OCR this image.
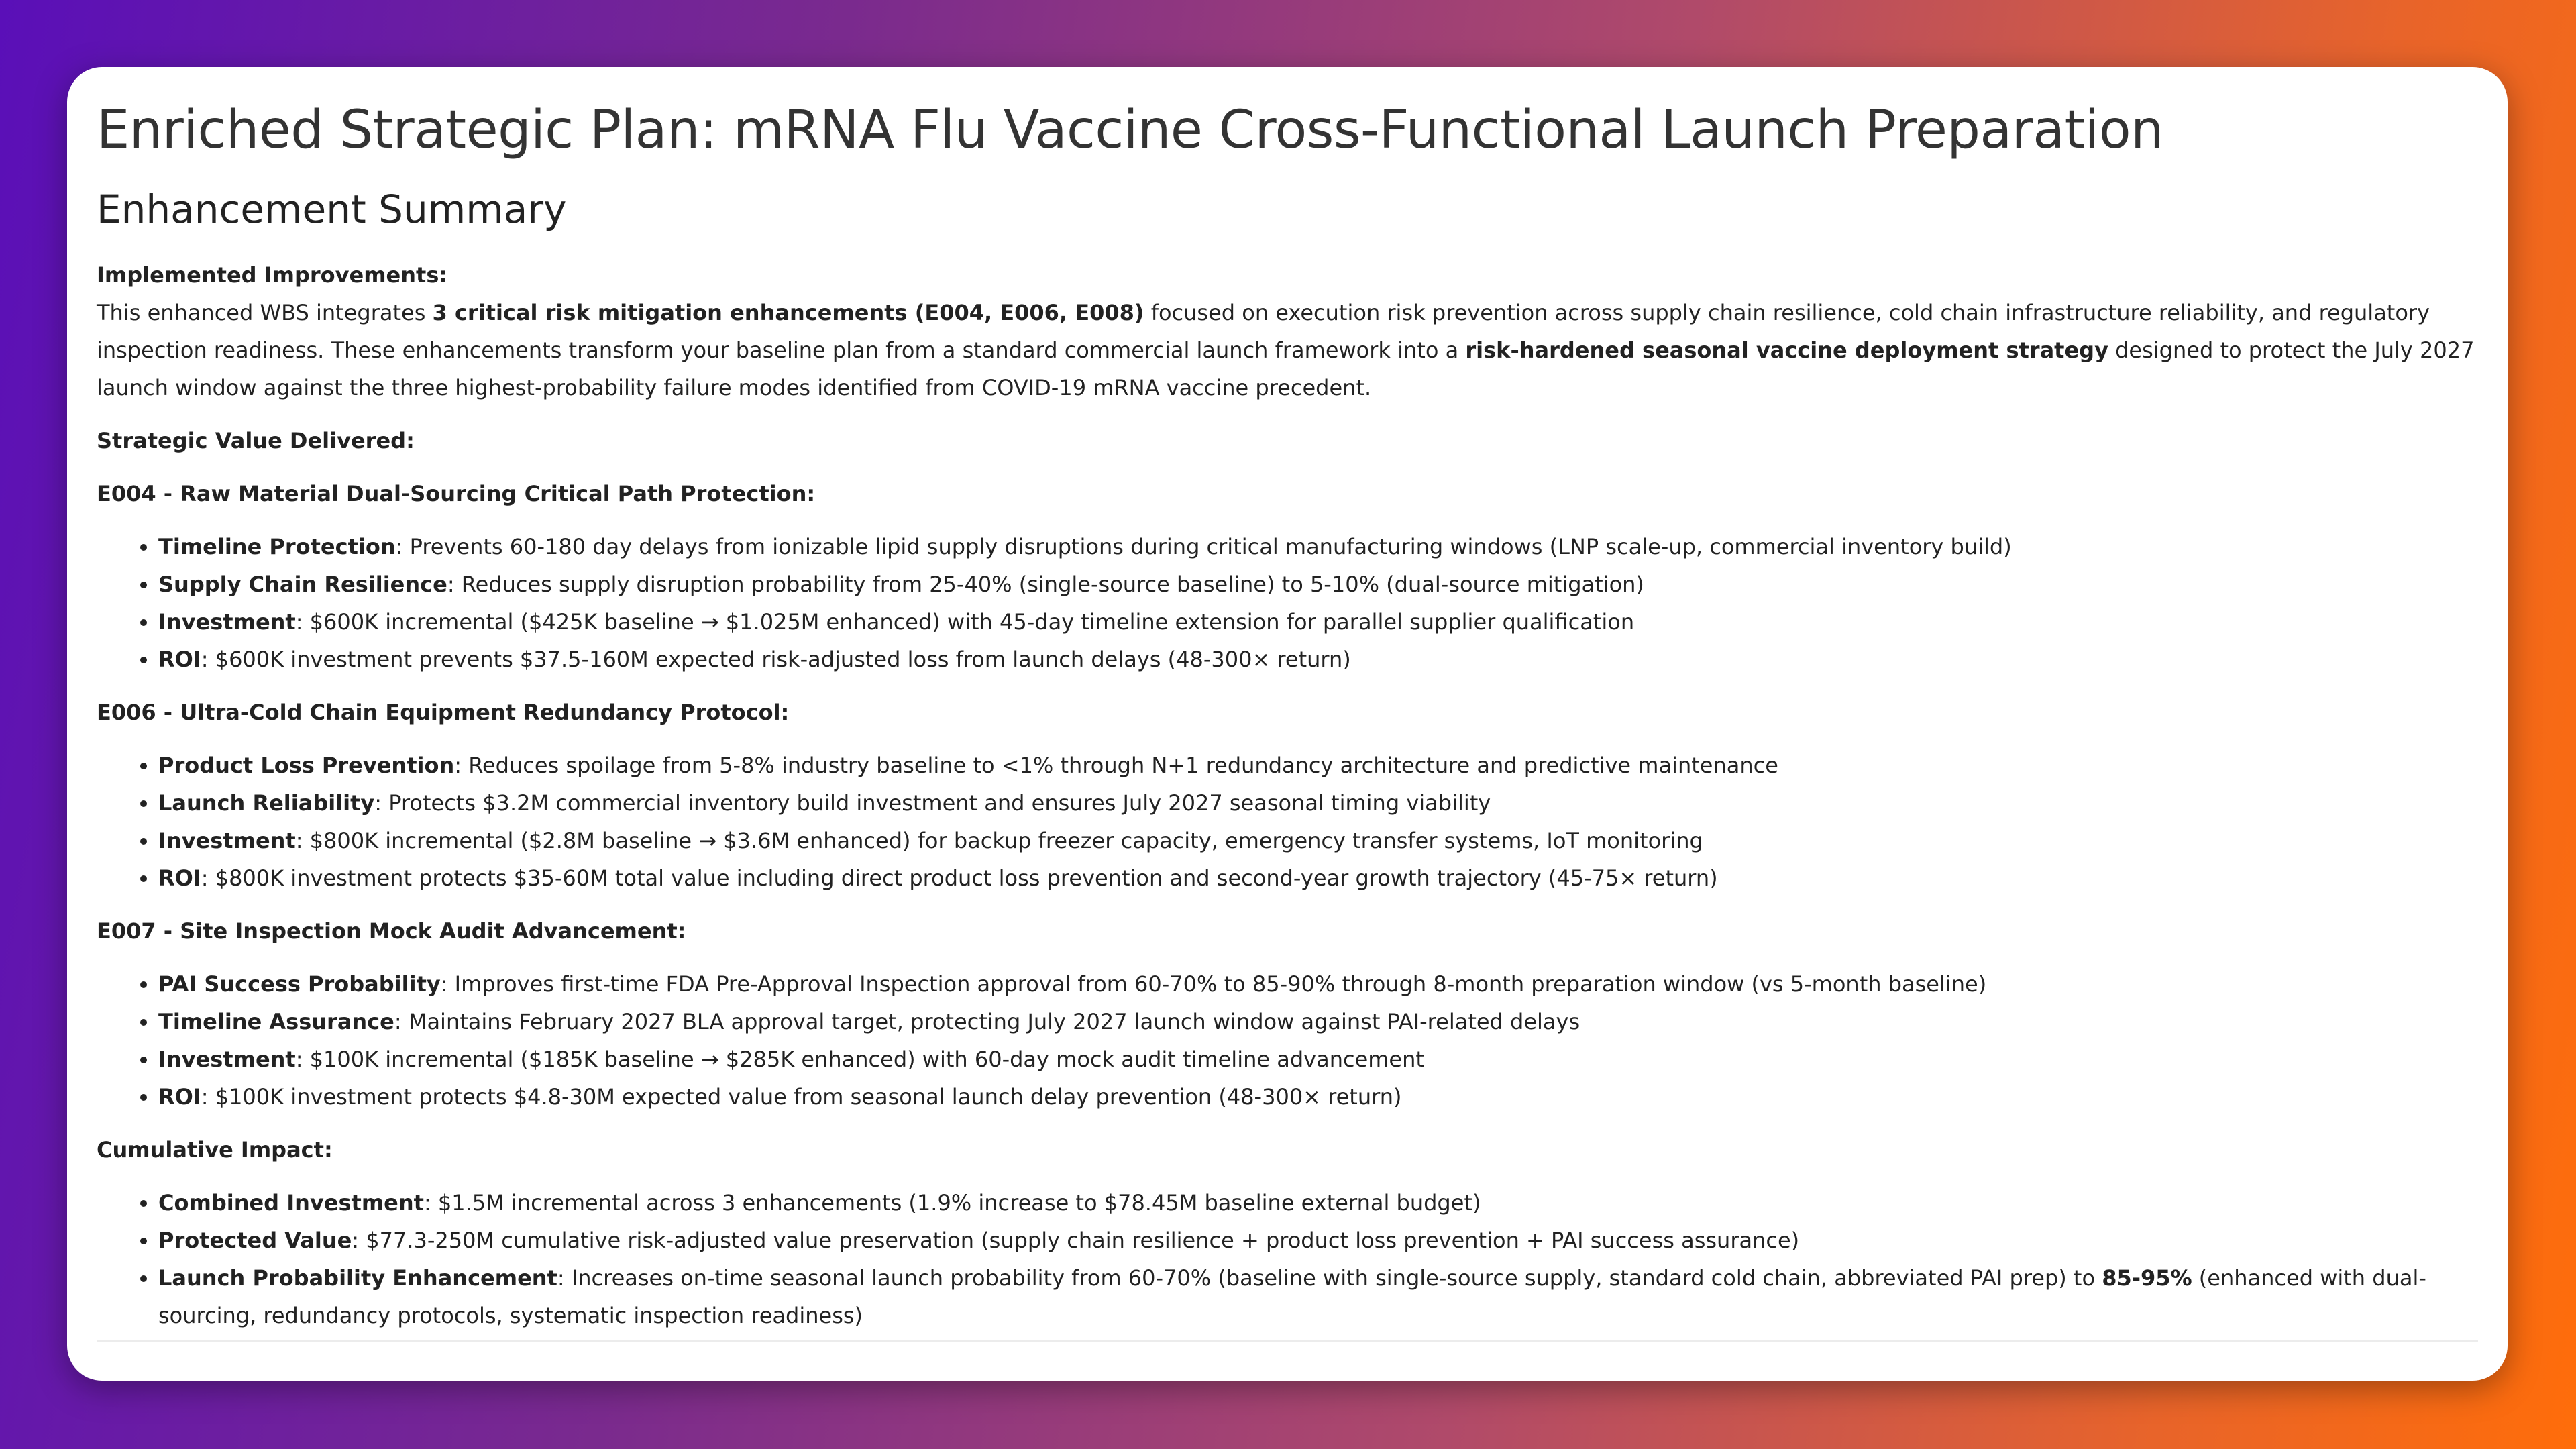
Enriched Strategic Plan: mRNA Flu Vaccine Cross-Functional Launch Preparation
Enhancement Summary
Implemented Improvements:

This enhanced WBS integrates 3 critical risk mitigation enhancements (E004, E006, E008) focused on execution risk prevention across supply chain resilience, cold chain infrastructure reliability, and regulatory inspection readiness. These enhancements transform your baseline plan from a standard commercial launch framework into a risk-hardened seasonal vaccine deployment strategy designed to protect the July 2027 launch window against the three highest-probability failure modes identified from COVID-19 mRNA vaccine precedent.

Strategic Value Delivered:
E004 - Raw Material Dual-Sourcing Critical Path Protection:
• Timeline Protection: Prevents 60-180 day delays from ionizable lipid supply disruptions during critical manufacturing windows (LNP scale-up, commercial inventory build)
• Supply Chain Resilience: Reduces supply disruption probability from 25-40% (single-source baseline) to 5-10% (dual-source mitigation)
• Investment: $600K incremental ($425K baseline → $1.025M enhanced) with 45-day timeline extension for parallel supplier qualification
• ROI: $600K investment prevents $37.5-160M expected risk-adjusted loss from launch delays (48-300× return)
E006 - Ultra-Cold Chain Equipment Redundancy Protocol:
• Product Loss Prevention: Reduces spoilage from 5-8% industry baseline to <1% through N+1 redundancy architecture and predictive maintenance
• Launch Reliability: Protects $3.2M commercial inventory build investment and ensures July 2027 seasonal timing viability
• Investment: $800K incremental ($2.8M baseline → $3.6M enhanced) for backup freezer capacity, emergency transfer systems, IoT monitoring
• ROI: $800K investment protects $35-60M total value including direct product loss prevention and second-year growth trajectory (45-75× return)
E007 - Site Inspection Mock Audit Advancement:
• PAI Success Probability: Improves first-time FDA Pre-Approval Inspection approval from 60-70% to 85-90% through 8-month preparation window (vs 5-month baseline)
• Timeline Assurance: Maintains February 2027 BLA approval target, protecting July 2027 launch window against PAI-related delays
• Investment: $100K incremental ($185K baseline → $285K enhanced) with 60-day mock audit timeline advancement
• ROI: $100K investment protects $4.8-30M expected value from seasonal launch delay prevention (48-300× return)
Cumulative Impact:
• Combined Investment: $1.5M incremental across 3 enhancements (1.9% increase to $78.45M baseline external budget)
• Protected Value: $77.3-250M cumulative risk-adjusted value preservation (supply chain resilience + product loss prevention + PAI success assurance)
• Launch Probability Enhancement: Increases on-time seasonal launch probability from 60-70% (baseline with single-source supply, standard cold chain, abbreviated PAI prep) to 85-95% (enhanced with dual-sourcing, redundancy protocols, systematic inspection readiness)
